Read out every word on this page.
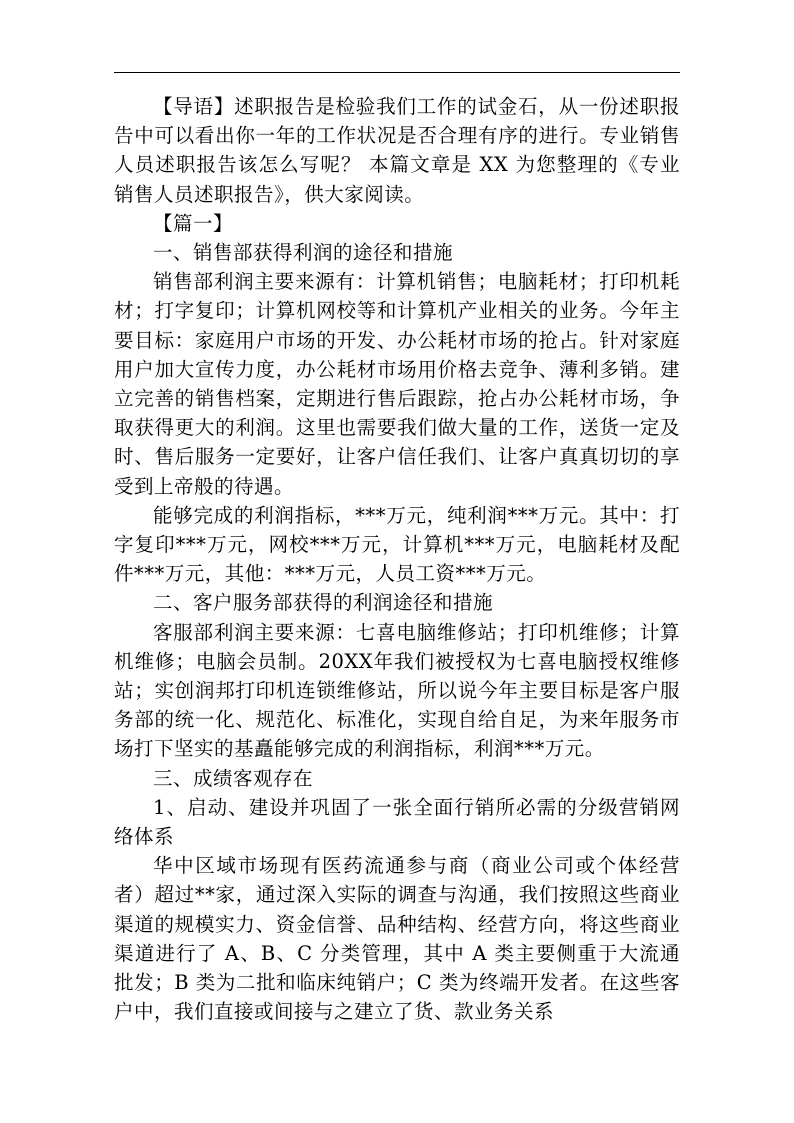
【导语】述职报告是检验我们工作的试金石，从一份述职报告中可以看出你一年的工作状况是否合理有序的进行。专业销售人员述职报告该怎么写呢？ 本篇文章是 XX 为您整理的《专业销售人员述职报告》，供大家阅读。

【篇一】

一、销售部获得利润的途径和措施

销售部利润主要来源有：计算机销售；电脑耗材；打印机耗材；打字复印；计算机网校等和计算机产业相关的业务。今年主要目标：家庭用户市场的开发、办公耗材市场的抢占。针对家庭用户加大宣传力度，办公耗材市场用价格去竞争、薄利多销。建立完善的销售档案，定期进行售后跟踪，抢占办公耗材市场，争取获得更大的利润。这里也需要我们做大量的工作，送货一定及时、售后服务一定要好，让客户信任我们、让客户真真切切的享受到上帝般的待遇。

能够完成的利润指标，***万元，纯利润***万元。其中：打字复印***万元，网校***万元，计算机***万元，电脑耗材及配件***万元，其他：***万元，人员工资***万元。

二、客户服务部获得的利润途径和措施

客服部利润主要来源：七喜电脑维修站；打印机维修；计算机维修；电脑会员制。20XX年我们被授权为七喜电脑授权维修站；实创润邦打印机连锁维修站，所以说今年主要目标是客户服务部的统一化、规范化、标准化，实现自给自足，为来年服务市场打下坚实的基矗能够完成的利润指标，利润***万元。

三、成绩客观存在

1、启动、建设并巩固了一张全面行销所必需的分级营销网络体系

华中区域市场现有医药流通参与商（商业公司或个体经营者）超过**家，通过深入实际的调查与沟通，我们按照这些商业渠道的规模实力、资金信誉、品种结构、经营方向，将这些商业渠道进行了 A、B、C 分类管理，其中 A 类主要侧重于大流通批发；B 类为二批和临床纯销户；C 类为终端开发者。在这些客户中，我们直接或间接与之建立了货、款业务关系
